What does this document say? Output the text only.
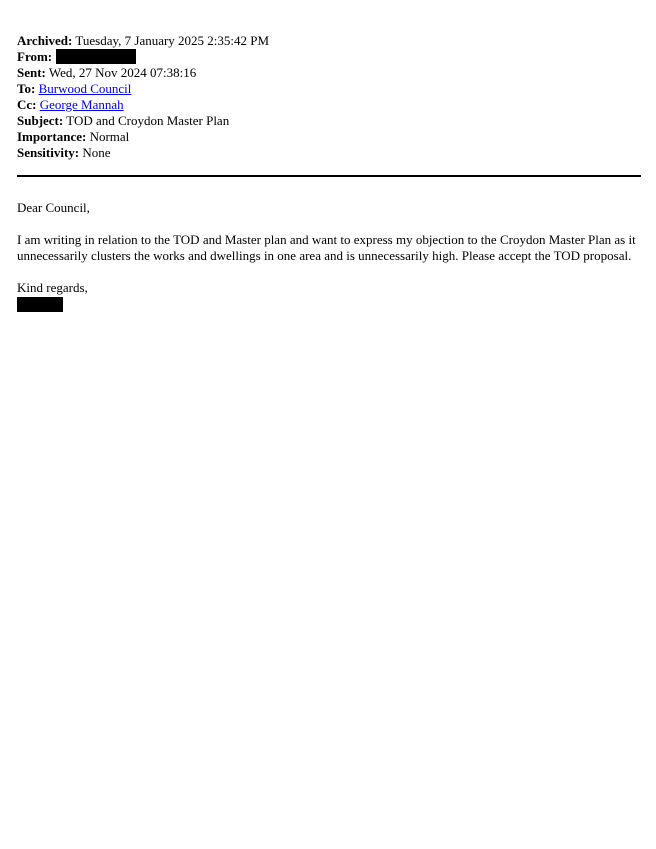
Archived: Tuesday, 7 January 2025 2:35:42 PM
From:
Sent: Wed, 27 Nov 2024 07:38:16
To: Burwood Council
Cc: George Mannah
Subject: TOD and Croydon Master Plan
Importance: Normal
Sensitivity: None

Dear Council,

I am writing in relation to the TOD and Master plan and want to express my objection to the Croydon Master Plan as it unnecessarily clusters the works and dwellings in one area and is unnecessarily high. Please accept the TOD proposal.

Kind regards,
